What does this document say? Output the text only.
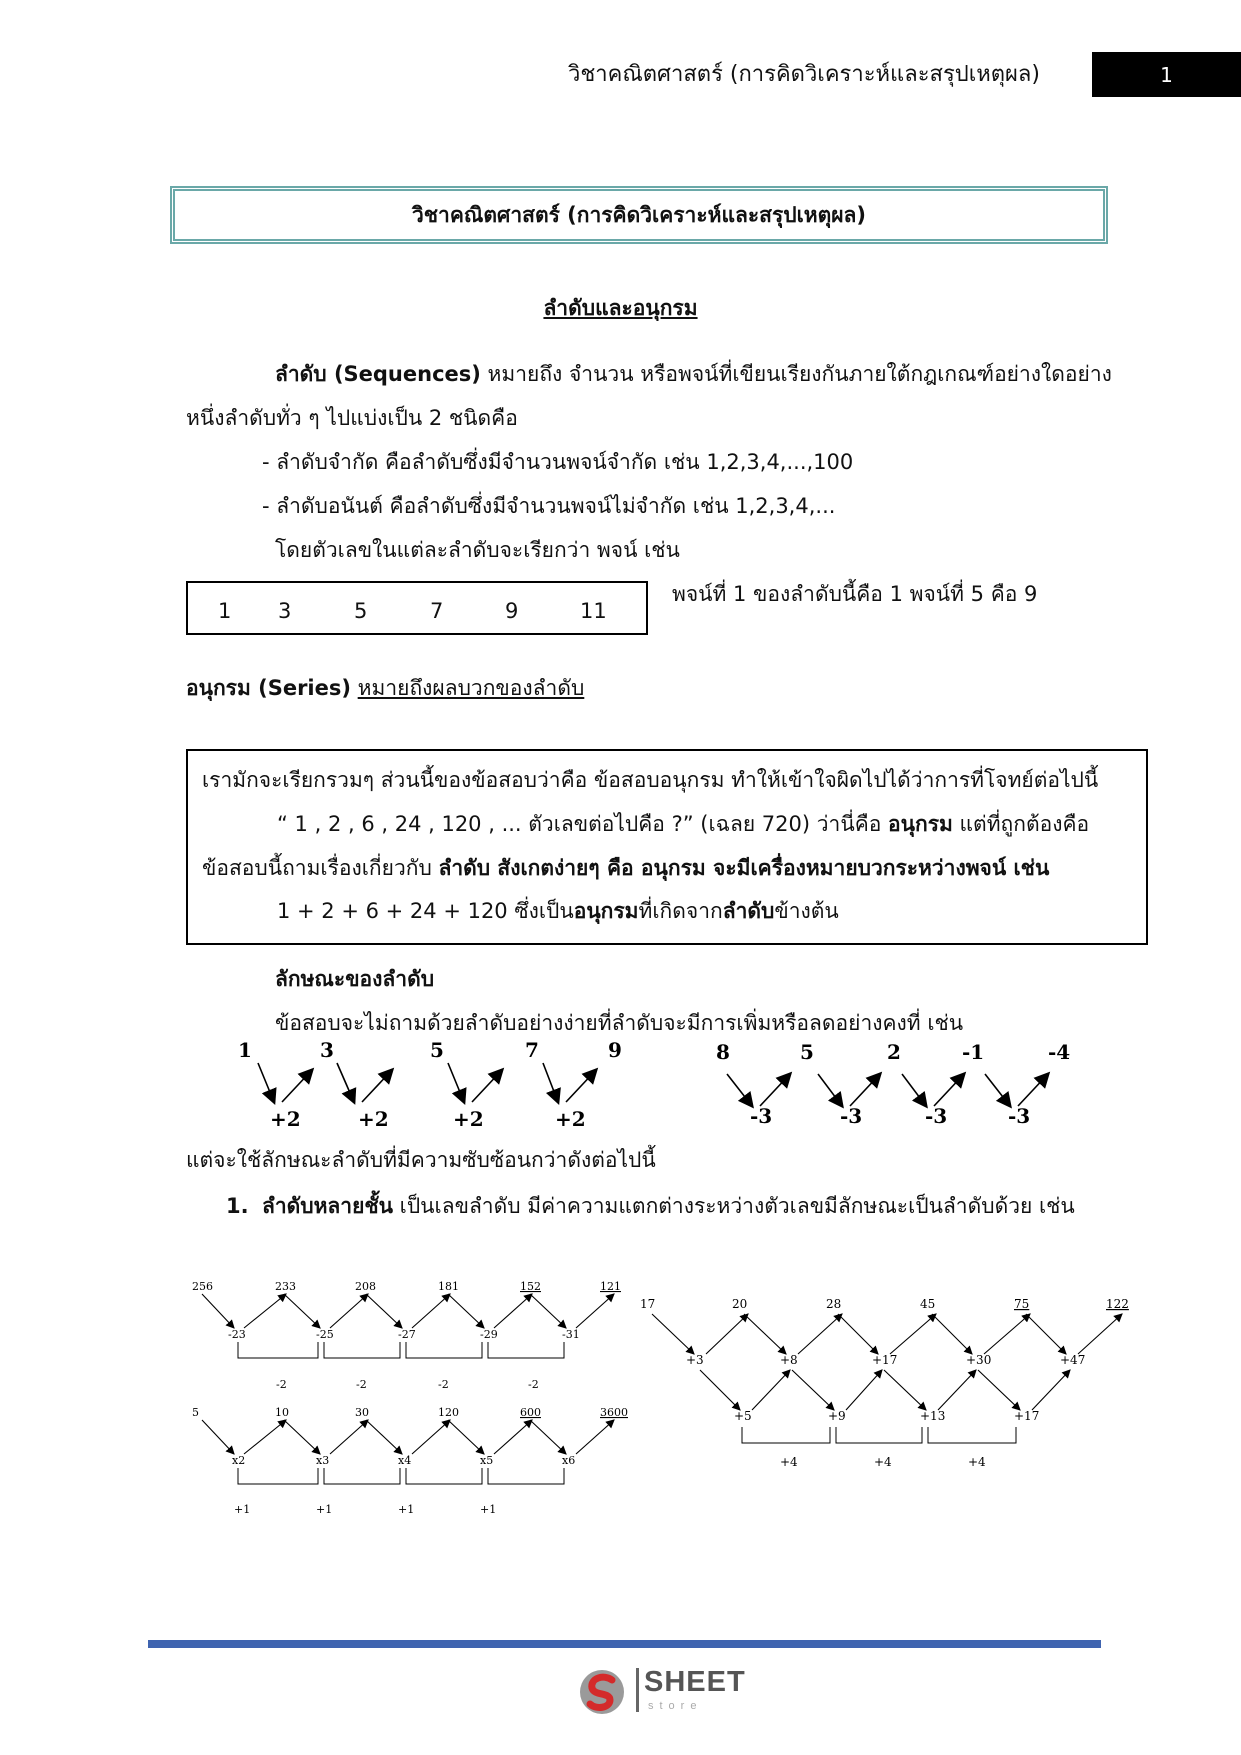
วิชาคณิตศาสตร์ (การคิดวิเคราะห์และสรุปเหตุผล)	1
วิชาคณิตศาสตร์ (การคิดวิเคราะห์และสรุปเหตุผล)
ลำดับและอนุกรม
ลำดับ (Sequences) หมายถึง จำนวน หรือพจน์ที่เขียนเรียงกันภายใต้กฎเกณฑ์อย่างใดอย่าง
หนึ่งลำดับทั่ว ๆ ไปแบ่งเป็น 2 ชนิดคือ
- ลำดับจำกัด คือลำดับซึ่งมีจำนวนพจน์จำกัด เช่น 1,2,3,4,...,100
- ลำดับอนันต์ คือลำดับซึ่งมีจำนวนพจน์ไม่จำกัด เช่น 1,2,3,4,...
โดยตัวเลขในแต่ละลำดับจะเรียกว่า พจน์ เช่น
1 3	5	7	9	11
พจน์ที่ 1 ของลำดับนี้คือ 1 พจน์ที่ 5 คือ 9
อนุกรม (Series) หมายถึงผลบวกของลำดับ
เรามักจะเรียกรวมๆ ส่วนนี้ของข้อสอบว่าคือ ข้อสอบอนุกรม ทำให้เข้าใจผิดไปได้ว่าการที่โจทย์ต่อไปนี้
“ 1 , 2 , 6 , 24 , 120 , ... ตัวเลขต่อไปคือ ?” (เฉลย 720) ว่านี่คือ อนุกรม แต่ที่ถูกต้องคือ
ข้อสอบนี้ถามเรื่องเกี่ยวกับ ลำดับ สังเกตง่ายๆ คือ อนุกรม จะมีเครื่องหมายบวกระหว่างพจน์ เช่น
1 + 2 + 6 + 24 + 120 ซึ่งเป็นอนุกรมที่เกิดจากลำดับข้างต้น
ลักษณะของลำดับ
ข้อสอบจะไม่ถามด้วยลำดับอย่างง่ายที่ลำดับจะมีการเพิ่มหรือลดอย่างคงที่ เช่น
1	3	5	7	9
+2	+2	+2	+2
8	5	2	-1	-4
-3	-3	-3	-3
แต่จะใช้ลักษณะลำดับที่มีความซับซ้อนกว่าดังต่อไปนี้
1. ลำดับหลายชั้น เป็นเลขลำดับ มีค่าความแตกต่างระหว่างตัวเลขมีลักษณะเป็นลำดับด้วย เช่น
256	233	208	181	152	121
-23	-25	-27	-29	-31
-2	-2	-2	-2
5	10	30	120	600	3600
x2	x3	x4	x5	x6
+1	+1	+1	+1
17	20	28	45	75	122
+3	+8	+17	+30	+47
+5	+9	+13	+17
+4	+4	+4
SHEET
store
